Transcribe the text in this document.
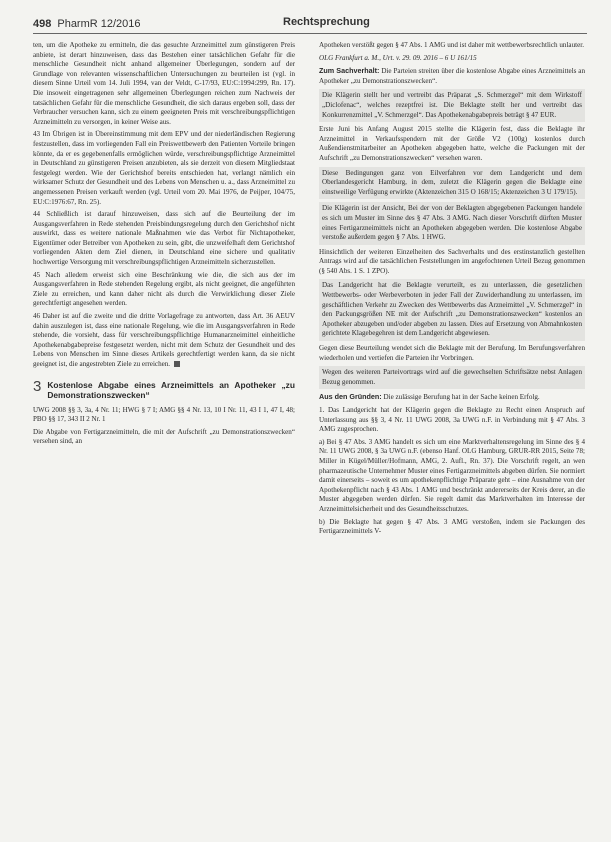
498 PharmR 12/2016	Rechtsprechung

ten, um die Apotheke zu ermitteln, die das gesuchte Arzneimittel zum günstigeren Preis anbiete, ist derart hinzuweisen, dass das Bestehen einer tatsächlichen Gefahr für die menschliche Gesundheit nicht anhand allgemeiner Überlegungen, sondern auf der Grundlage von relevanten wissenschaftlichen Untersuchungen zu beurteilen ist (vgl. in diesem Sinne Urteil vom 14. Juli 1994, van der Veldt, C-17/93, EU:C:1994:299, Rn. 17). Die insoweit eingetragenen sehr allgemeinen Überlegungen reichen zum Nachweis der tatsächlichen Gefahr für die menschliche Gesundheit, die sich daraus ergeben soll, dass der Verbraucher versuchen kann, sich zu einem geeigneten Preis mit verschreibungspflichtigen Arzneimitteln zu versorgen, in keiner Weise aus.

43 Im Übrigen ist in Übereinstimmung mit dem EPV und der niederländischen Regierung festzustellen, dass im vorliegenden Fall ein Preiswettbewerb den Patienten Vorteile bringen könnte, da er es gegebenenfalls ermöglichen würde, verschreibungspflichtige Arzneimittel in Deutschland zu günstigeren Preisen anzubieten, als sie derzeit von diesem Mitgliedstaat festgelegt werden. Wie der Gerichtshof bereits entschieden hat, verlangt nämlich ein wirksamer Schutz der Gesundheit und des Lebens von Menschen u. a., dass Arzneimittel zu angemessenen Preisen verkauft werden (vgl. Urteil vom 20. Mai 1976, de Peijper, 104/75, EU:C:1976:67, Rn. 25).

44 Schließlich ist darauf hinzuweisen, dass sich auf die Beurteilung der im Ausgangsverfahren in Rede stehenden Preisbindungsregelung durch den Gerichtshof nicht auswirkt, dass es weitere nationale Maßnahmen wie das Verbot für Nichtapotheker, Eigentümer oder Betreiber von Apotheken zu sein, gibt, die unzweifelhaft dem Gerichtshof vorliegenden Akten dem Ziel dienen, in Deutschland eine sichere und qualitativ hochwertige Versorgung mit verschreibungspflichtigen Arzneimitteln sicherzustellen.

45 Nach alledem erweist sich eine Beschränkung wie die, die sich aus der im Ausgangsverfahren in Rede stehenden Regelung ergibt, als nicht geeignet, die angeführten Ziele zu erreichen, und kann daher nicht als durch die Verwirklichung dieser Ziele gerechtfertigt angesehen werden.

46 Daher ist auf die zweite und die dritte Vorlagefrage zu antworten, dass Art. 36 AEUV dahin auszulegen ist, dass eine nationale Regelung, wie die im Ausgangsverfahren in Rede stehende, die vorsieht, dass für verschreibungspflichtige Humanarzneimittel einheitliche Apothekenabgabepreise festgesetzt werden, nicht mit dem Schutz der Gesundheit und des Lebens von Menschen im Sinne dieses Artikels gerechtfertigt werden kann, da sie nicht geeignet ist, die angestrebten Ziele zu erreichen.

3 Kostenlose Abgabe eines Arzneimittels an Apotheker „zu Demonstrationszwecken“

UWG 2008 §§ 3, 3a, 4 Nr. 11; HWG § 7 I; AMG §§ 4 Nr. 13, 10 I Nr. 11, 43 I 1, 47 I, 48; PBO §§ 17, 343 II 2 Nr. 1

Die Abgabe von Fertigarzneimitteln, die mit der Aufschrift „zu Demonstrationszwecken“ versehen sind, an

Apotheken verstößt gegen § 47 Abs. 1 AMG und ist daher mit wettbewerbsrechtlich unlauter.

OLG Frankfurt a. M., Urt. v. 29. 09. 2016 – 6 U 161/15

Zum Sachverhalt: Die Parteien streiten über die kostenlose Abgabe eines Arzneimittels an Apotheker „zu Demonstrationszwecken“.

Die Klägerin stellt her und vertreibt das Präparat „S. Schmerzgel“ mit dem Wirkstoff „Diclofenac“, welches rezeptfrei ist. Die Beklagte stellt her und vertreibt das Konkurrenzmittel „V. Schmerzgel“. Das Apothekenabgabepreis beträgt § 47 EUR.

Erste Juni bis Anfang August 2015 stellte die Klägerin fest, dass die Beklagte ihr Arzneimittel in Verkaufsspendern mit der Größe V2 (100g) kostenlos durch Außendienstmitarbeiter an Apotheken abgegeben hatte, welche die Packungen mit der Aufschrift „zu Demonstrationszwecken“ versehen waren.

Diese Bedingungen ganz von Eilverfahren vor dem Landgericht und dem Oberlandesgericht Hamburg, in dem, zuletzt die Klägerin gegen die Beklagte eine einstweilige Verfügung erwirkte (Aktenzeichen 315 O 168/15; Aktenzeichen 3 U 179/15).

Die Klägerin ist der Ansicht, Bei der von der Beklagten abgegebenen Packungen handele es sich um Muster im Sinne des § 47 Abs. 3 AMG. Nach dieser Vorschrift dürften Muster eines Fertigarzneimittels nicht an Apotheken abgegeben werden. Die kostenlose Abgabe verstoße außerdem gegen § 7 Abs. 1 HWG.

Hinsichtlich der weiteren Einzelheiten des Sachverhalts und des erstinstanzlich gestellten Antrags wird auf die tatsächlichen Feststellungen im angefochtenen Urteil Bezug genommen (§ 540 Abs. 1 S. 1 ZPO).

Das Landgericht hat die Beklagte verurteilt, es zu unterlassen, die gesetzlichen Wettbewerbs- oder Werbeverboten in jeder Fall der Zuwiderhandlung zu unterlassen, im geschäftlichen Verkehr zu Zwecken des Wettbewerbs das Arzneimittel „V. Schmerzgel“ in den Packungsgrößen NE mit der Aufschrift „zu Demonstrationszwecken“ kostenlos an Apotheker abzugeben und/oder abgeben zu lassen. Dies auf Ersetzung von Abmahnkosten gerichtete Klagebegehren ist dem Landgericht abgewiesen.

Gegen diese Beurteilung wendet sich die Beklagte mit der Berufung. Im Berufungsverfahren wiederholen und vertiefen die Parteien ihr Vorbringen.

Wegen des weiteren Parteivortrags wird auf die gewechselten Schriftsätze nebst Anlagen Bezug genommen.

Aus den Gründen: Die zulässige Berufung hat in der Sache keinen Erfolg.

1. Das Landgericht hat der Klägerin gegen die Beklagte zu Recht einen Anspruch auf Unterlassung aus §§ 3, 4 Nr. 11 UWG 2008, 3a UWG n.F. in Verbindung mit § 47 Abs. 3 AMG zugesprochen.

a) Bei § 47 Abs. 3 AMG handelt es sich um eine Marktverhaltensregelung im Sinne des § 4 Nr. 11 UWG 2008, § 3a UWG n.F. (ebenso Hanf. OLG Hamburg, GRUR-RR 2015, Seite 78; Miller in Kügel/Müller/Hofmann, AMG, 2. Aufl., Rn. 37). Die Vorschrift regelt, an wen pharmazeutische Unternehmer Muster eines Fertigarzneimittels abgeben dürfen. Sie normiert damit einerseits – soweit es um apothekenpflichtige Präparate geht – eine Ausnahme von der Apothekenpflicht nach § 43 Abs. 1 AMG und beschränkt andererseits der Kreis derer, an die Muster abgegeben werden dürfen. Sie regelt damit das Marktverhalten im Interesse der Arzneimittelsicherheit und des Gesundheitsschutzes.

b) Die Beklagte hat gegen § 47 Abs. 3 AMG verstoßen, indem sie Packungen des Fertigarzneimittels V-
